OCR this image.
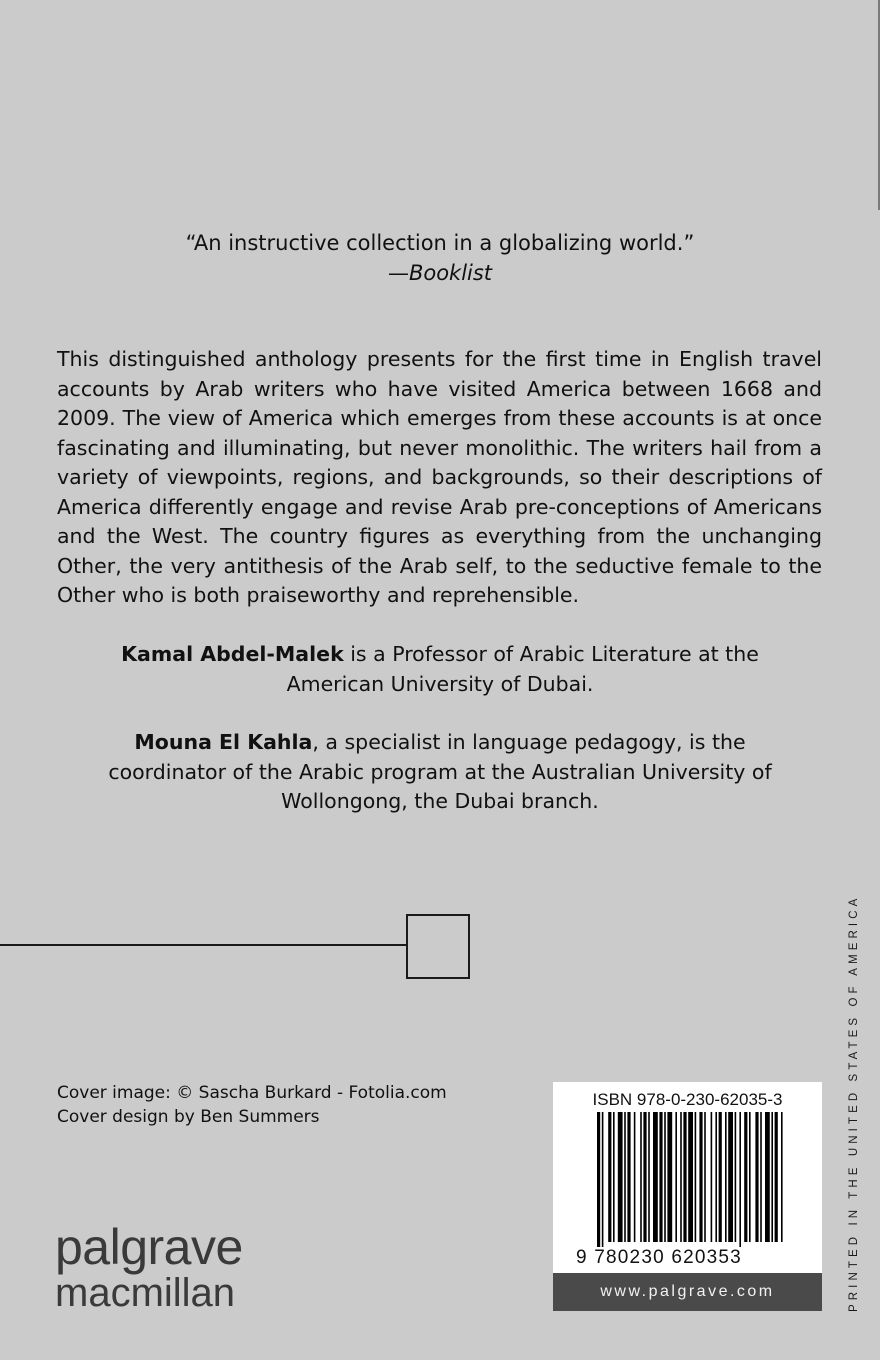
“An instructive collection in a globalizing world.”
—Booklist

This distinguished anthology presents for the first time in English travel accounts by Arab writers who have visited America between 1668 and 2009. The view of America which emerges from these accounts is at once fascinating and illuminating, but never monolithic. The writers hail from a variety of viewpoints, regions, and backgrounds, so their descriptions of America differently engage and revise Arab pre-conceptions of Americans and the West. The country figures as everything from the unchanging Other, the very antithesis of the Arab self, to the seductive female to the Other who is both praiseworthy and reprehensible.

Kamal Abdel-Malek is a Professor of Arabic Literature at the American University of Dubai.

Mouna El Kahla, a specialist in language pedagogy, is the coordinator of the Arabic program at the Australian University of Wollongong, the Dubai branch.

Cover image: © Sascha Burkard - Fotolia.com
Cover design by Ben Summers
palgrave
macmillan
ISBN 978-0-230-62035-3
9 780230 620353
www.palgrave.com	PRINTED IN THE UNITED STATES OF AMERICA
